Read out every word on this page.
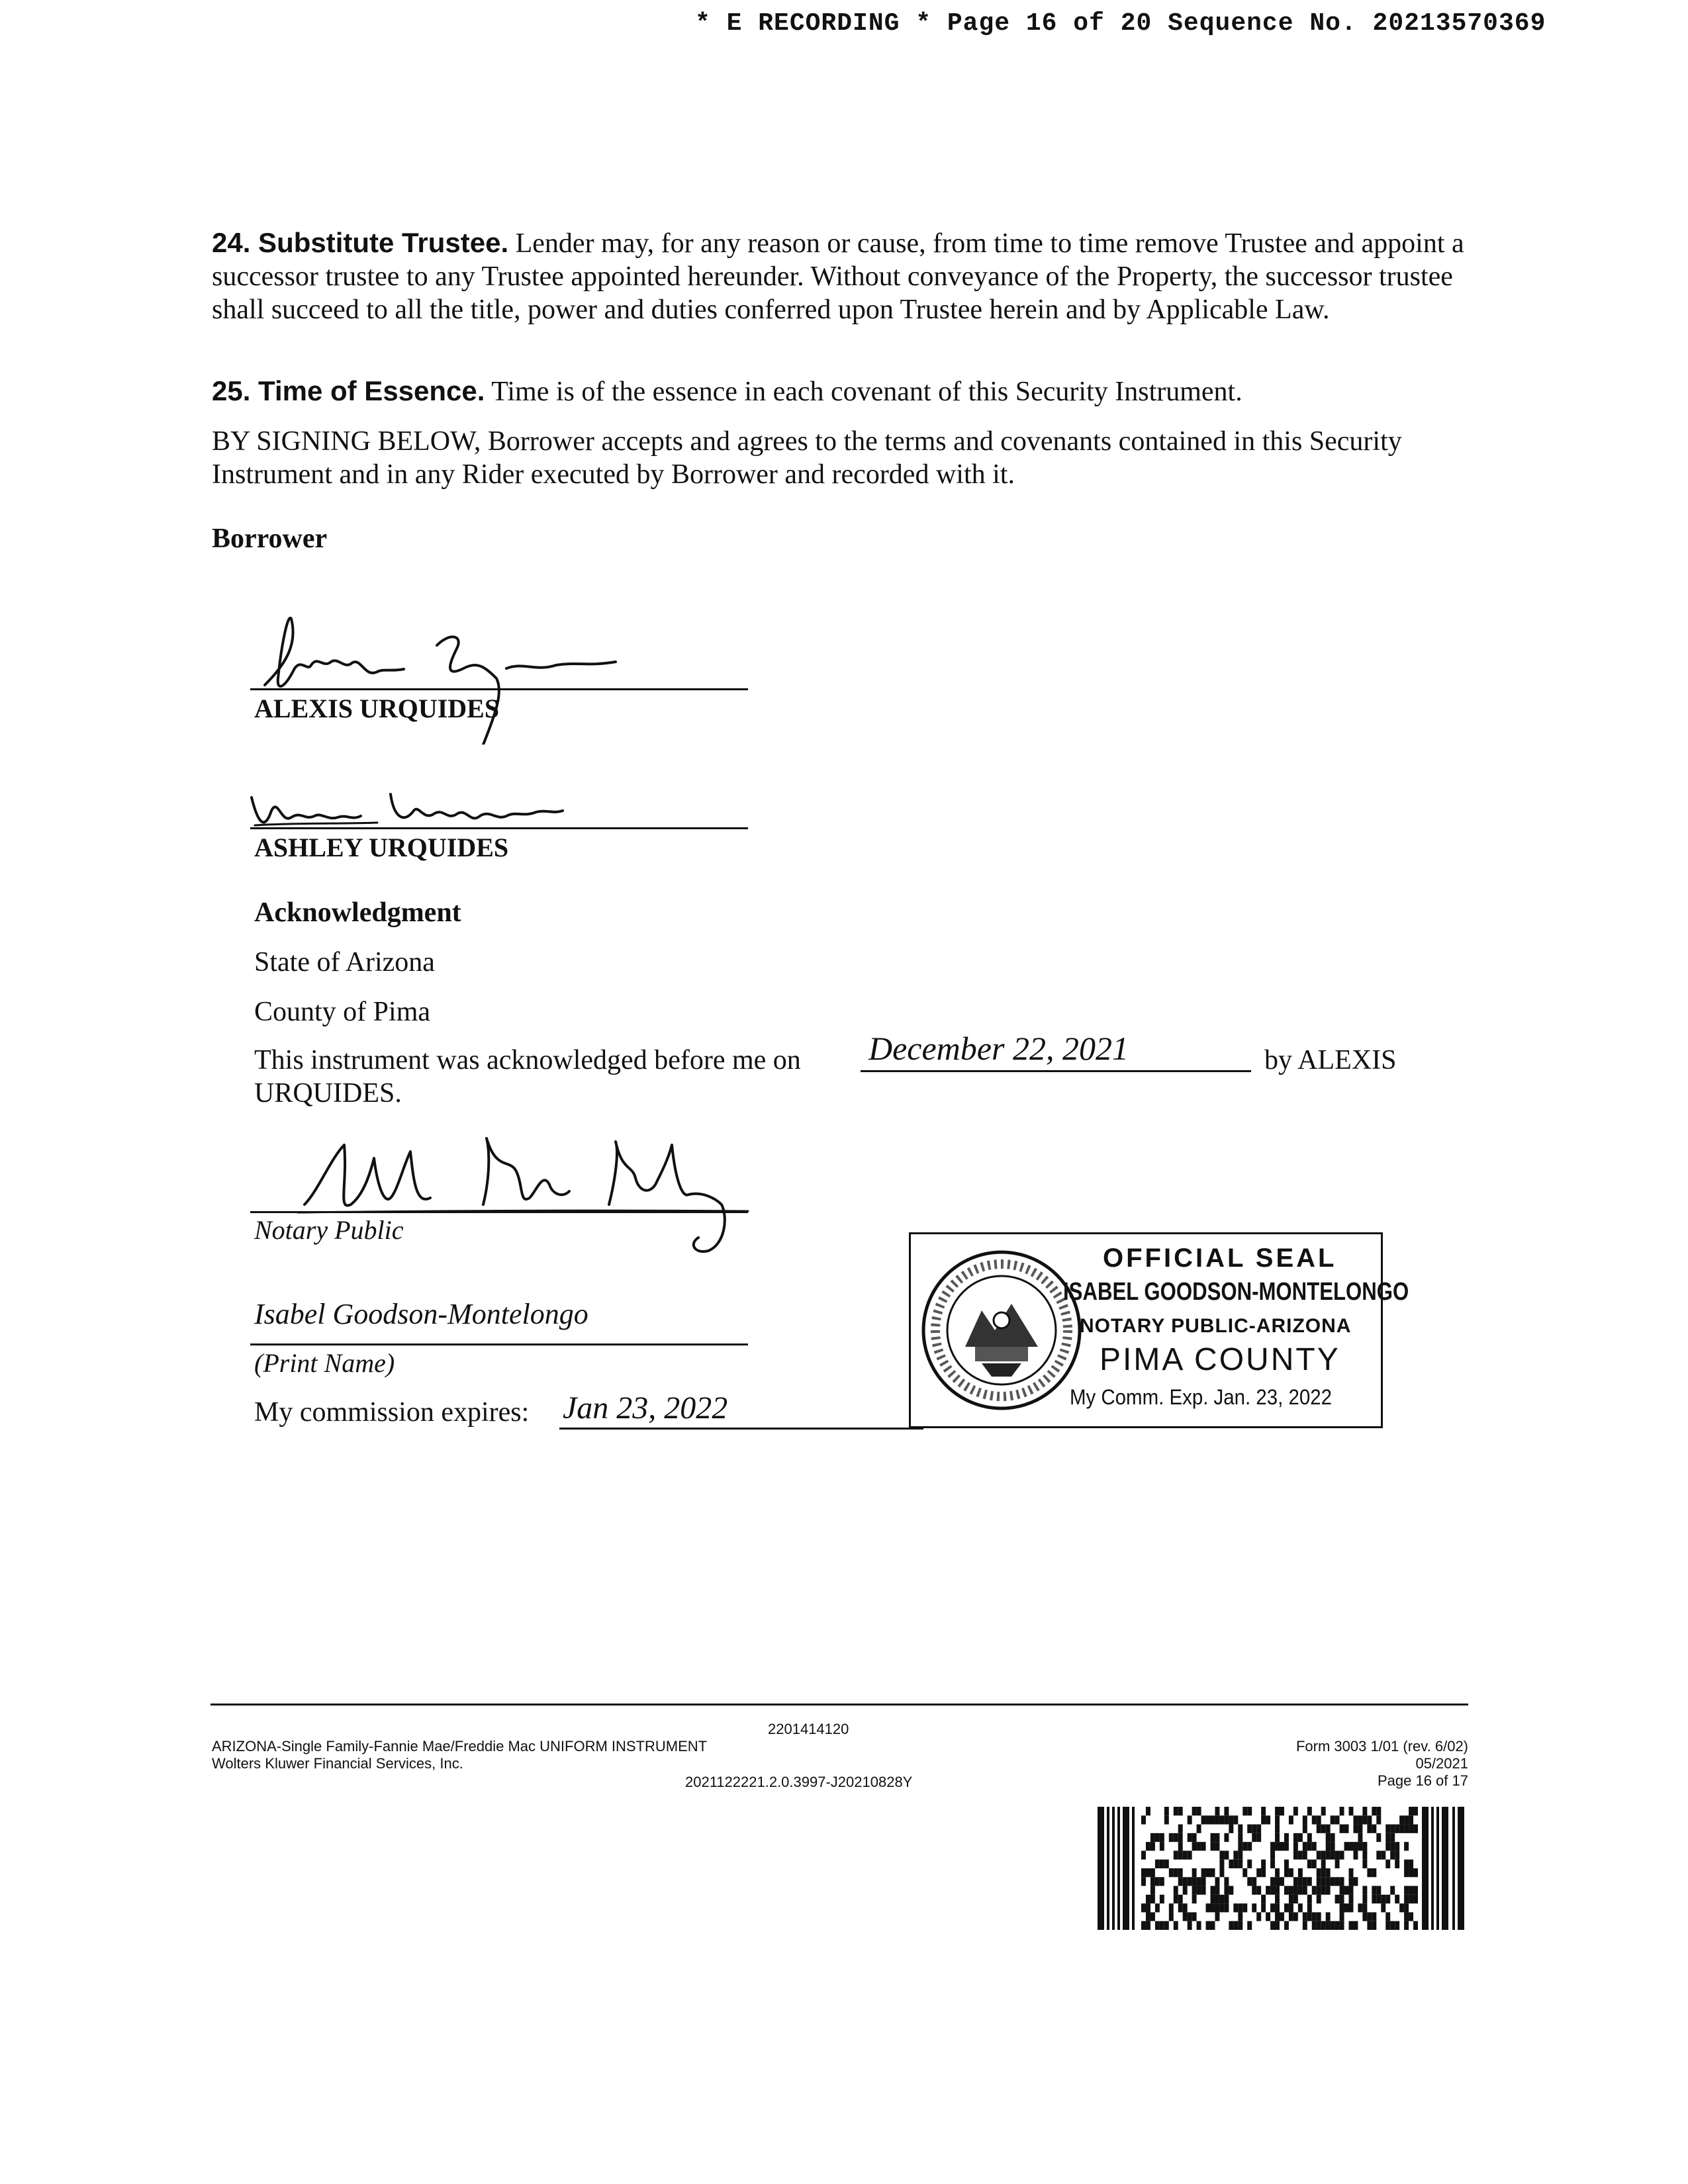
* E RECORDING * Page 16 of 20 Sequence No. 20213570369
24. Substitute Trustee. Lender may, for any reason or cause, from time to time remove Trustee and appoint a successor trustee to any Trustee appointed hereunder. Without conveyance of the Property, the successor trustee shall succeed to all the title, power and duties conferred upon Trustee herein and by Applicable Law.
25. Time of Essence. Time is of the essence in each covenant of this Security Instrument.
BY SIGNING BELOW, Borrower accepts and agrees to the terms and covenants contained in this Security Instrument and in any Rider executed by Borrower and recorded with it.
Borrower
ALEXIS URQUIDES
ASHLEY URQUIDES
Acknowledgment
State of Arizona
County of Pima
This instrument was acknowledged before me on December 22, 2021	by ALEXIS
URQUIDES.
Notary Public
Isabel Goodson-Montelongo
(Print Name)
My commission expires: Jan 23, 2022
OFFICIAL SEAL
ISABEL GOODSON-MONTELONGO
NOTARY PUBLIC-ARIZONA
PIMA COUNTY
My Comm. Exp. Jan. 23, 2022
2201414120
ARIZONA-Single Family-Fannie Mae/Freddie Mac UNIFORM INSTRUMENT
Wolters Kluwer Financial Services, Inc.
2021122221.2.0.3997-J20210828Y
Form 3003 1/01 (rev. 6/02)
05/2021
Page 16 of 17
